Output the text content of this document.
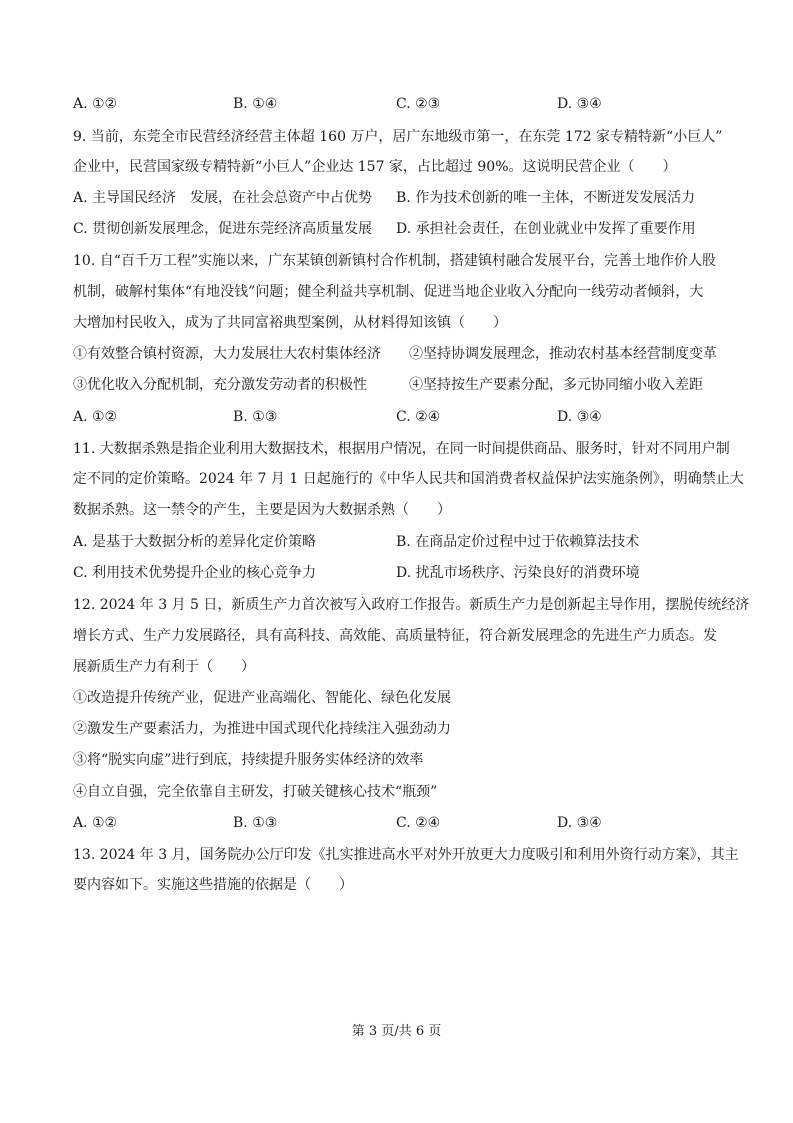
A. ①②	B. ①④	C. ②③	D. ③④
9. 当前，东莞全市民营经济经营主体超 160 万户，居广东地级市第一，在东莞 172 家专精特新“小巨人”
企业中，民营国家级专精特新“小巨人”企业达 157 家，占比超过 90%。这说明民营企业（　　）
A. 主导国民经济　发展，在社会总资产中占优势 B. 作为技术创新的唯一主体，不断迸发发展活力
C. 贯彻创新发展理念，促进东莞经济高质量发展 D. 承担社会责任，在创业就业中发挥了重要作用
10. 自“百千万工程”实施以来，广东某镇创新镇村合作机制，搭建镇村融合发展平台，完善土地作价人股
机制，破解村集体“有地没钱”问题；健全利益共享机制、促进当地企业收入分配向一线劳动者倾斜，大
大增加村民收入，成为了共同富裕典型案例，从材料得知该镇（　　）
①有效整合镇村资源，大力发展壮大农村集体经济 ②坚持协调发展理念，推动农村基本经营制度变革
③优化收入分配机制，充分激发劳动者的积极性	④坚持按生产要素分配，多元协同缩小收入差距
A. ①②	B. ①③	C. ②④	D. ③④
11. 大数据杀熟是指企业利用大数据技术，根据用户情况，在同一时间提供商品、服务时，针对不同用户制
定不同的定价策略。2024 年 7 月 1 日起施行的《中华人民共和国消费者权益保护法实施条例》，明确禁止大
数据杀熟。这一禁令的产生，主要是因为大数据杀熟（　　）
A. 是基于大数据分析的差异化定价策略	B. 在商品定价过程中过于依赖算法技术
C. 利用技术优势提升企业的核心竞争力	D. 扰乱市场秩序、污染良好的消费环境
12. 2024 年 3 月 5 日，新质生产力首次被写入政府工作报告。新质生产力是创新起主导作用，摆脱传统经济
增长方式、生产力发展路径，具有高科技、高效能、高质量特征，符合新发展理念的先进生产力质态。发
展新质生产力有利于（　　）
①改造提升传统产业，促进产业高端化、智能化、绿色化发展
②激发生产要素活力，为推进中国式现代化持续注入强劲动力
③将“脱实向虚”进行到底，持续提升服务实体经济的效率
④自立自强，完全依靠自主研发，打破关键核心技术“瓶颈”
A. ①②	B. ①③	C. ②④	D. ③④
13. 2024 年 3 月，国务院办公厅印发《扎实推进高水平对外开放更大力度吸引和利用外资行动方案》，其主
要内容如下。实施这些措施的依据是（　　）
第 3 页/共 6 页
